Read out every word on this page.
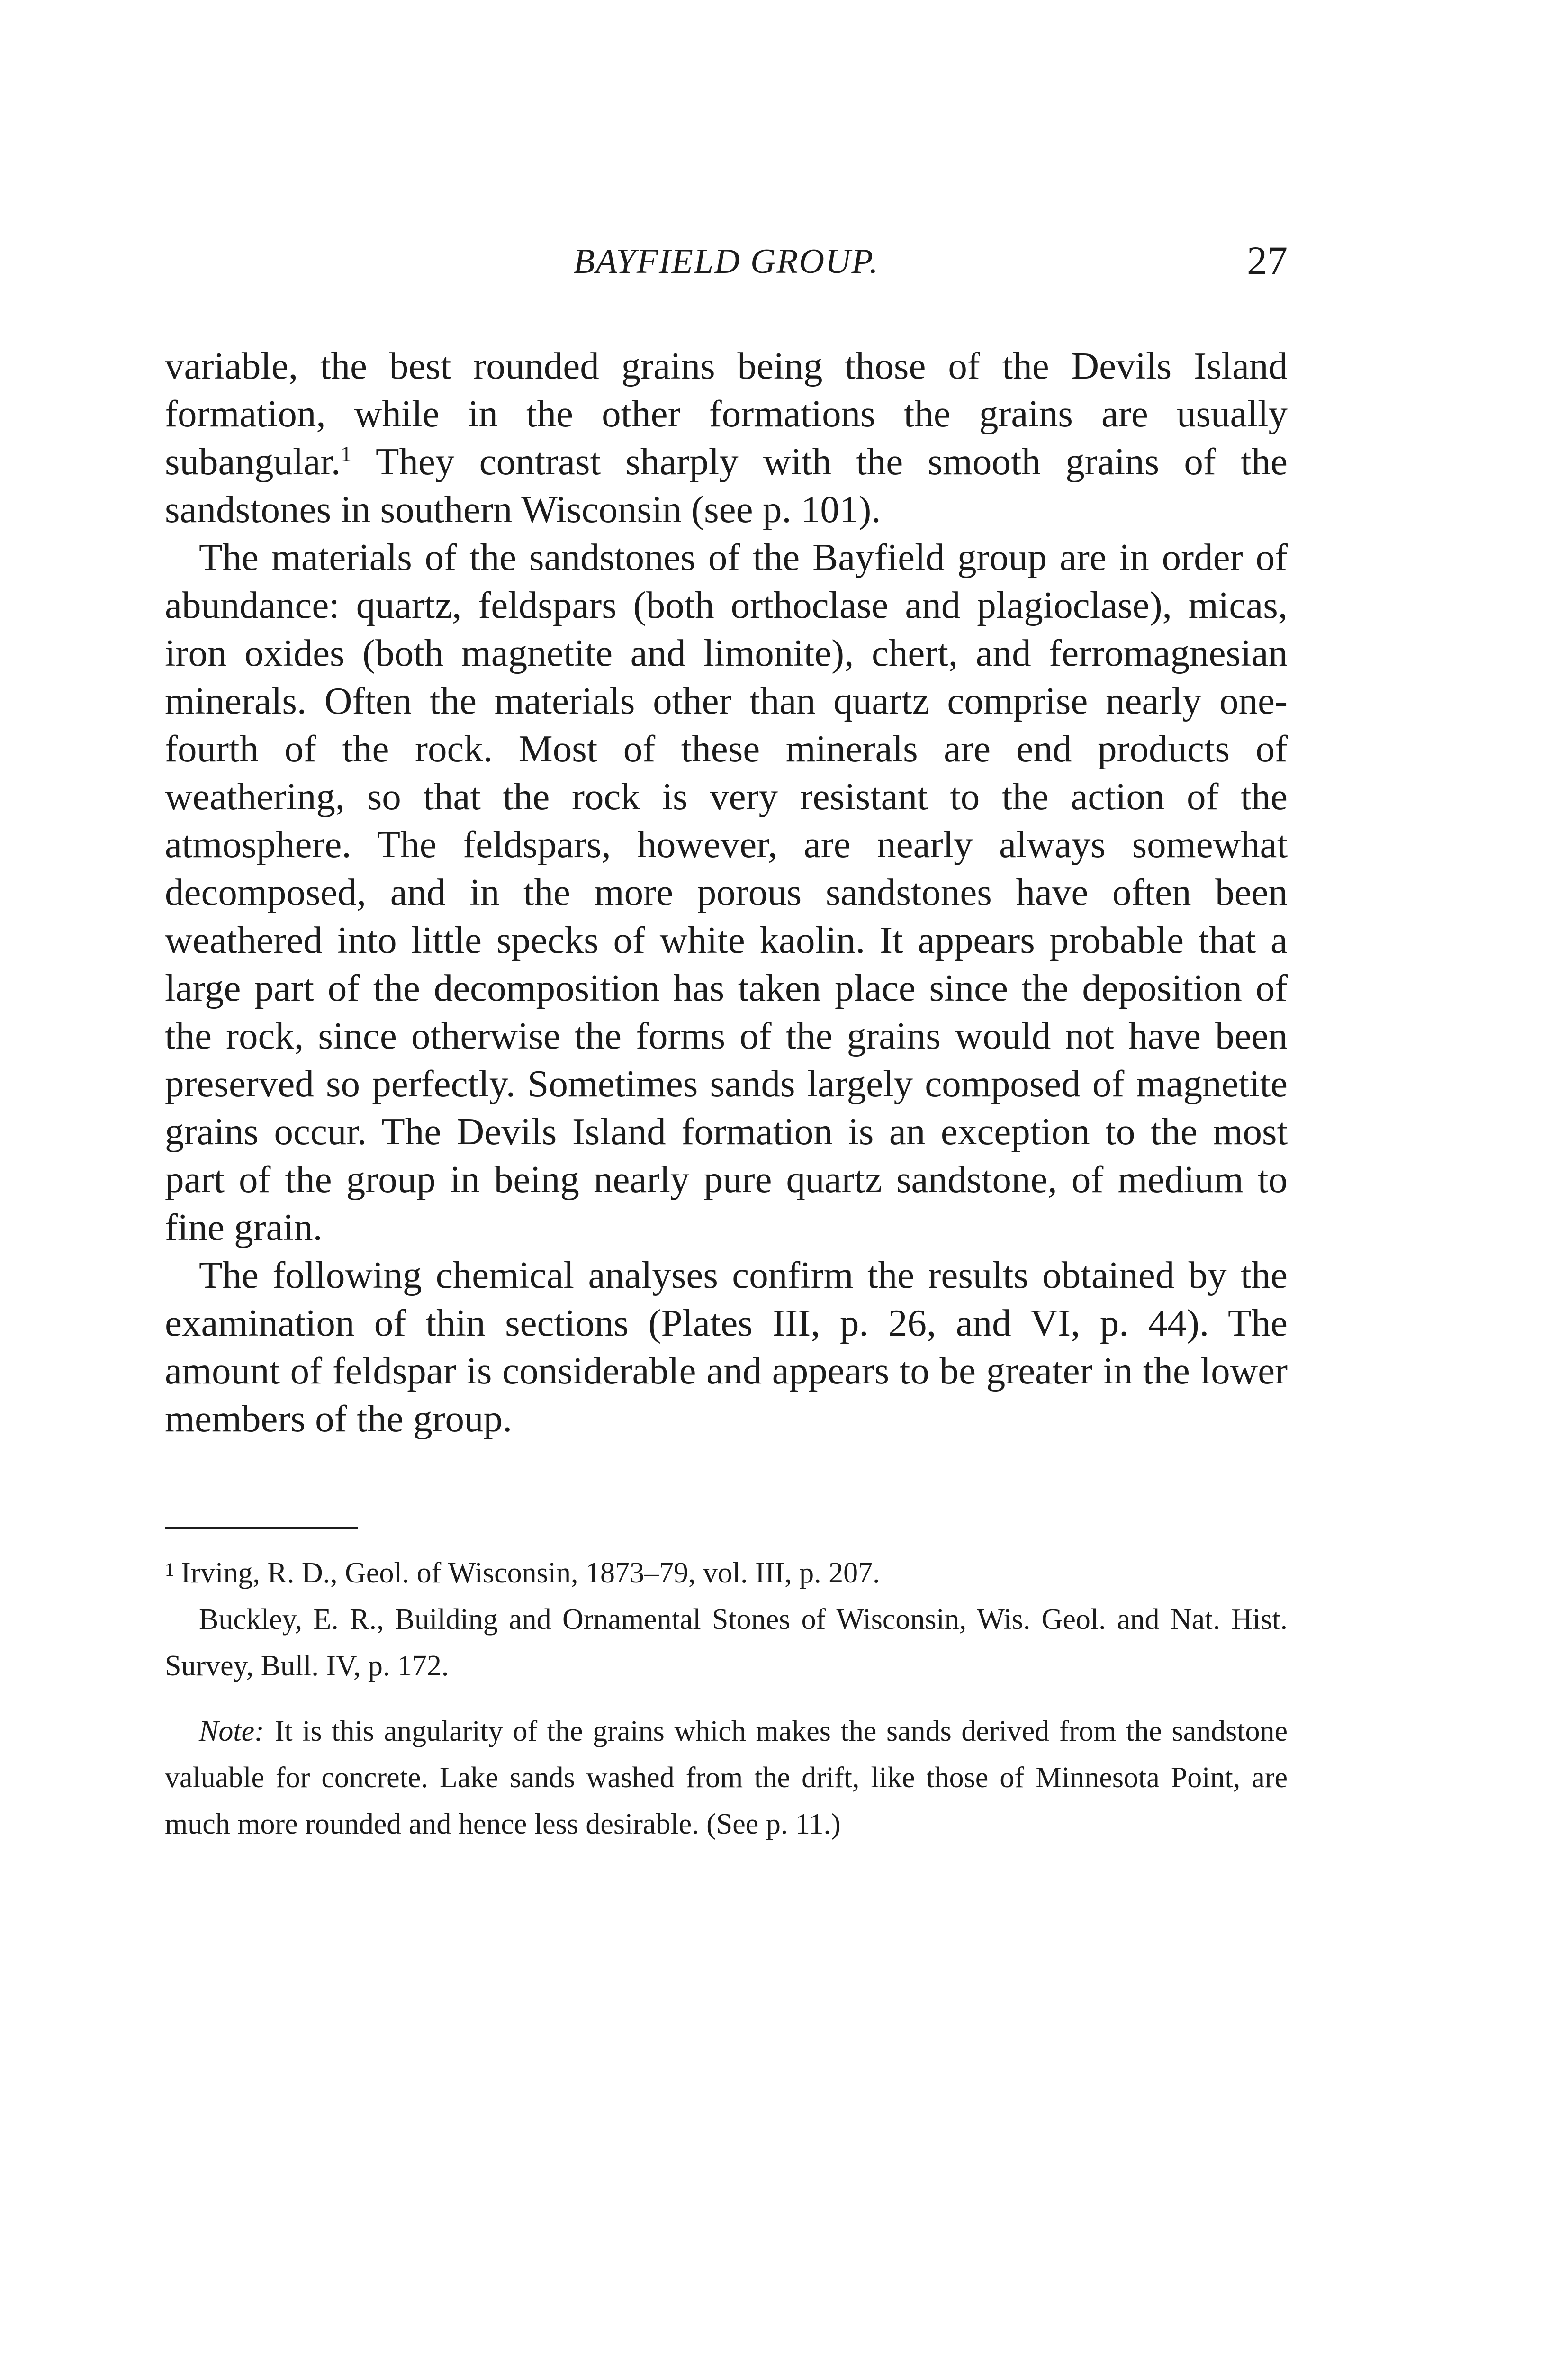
BAYFIELD GROUP.	27

variable, the best rounded grains being those of the Devils Island formation, while in the other formations the grains are usually subangular.$^1$ They contrast sharply with the smooth grains of the sandstones in southern Wisconsin (see p. 101).

The materials of the sandstones of the Bayfield group are in order of abundance: quartz, feldspars (both orthoclase and plagioclase), micas, iron oxides (both magnetite and limonite), chert, and ferromagnesian minerals. Often the materials other than quartz comprise nearly one-fourth of the rock. Most of these minerals are end products of weathering, so that the rock is very resistant to the action of the atmosphere. The feldspars, however, are nearly always somewhat decomposed, and in the more porous sandstones have often been weathered into little specks of white kaolin. It appears probable that a large part of the decomposition has taken place since the deposition of the rock, since otherwise the forms of the grains would not have been preserved so perfectly. Sometimes sands largely composed of magnetite grains occur. The Devils Island formation is an exception to the most part of the group in being nearly pure quartz sandstone, of medium to fine grain.

The following chemical analyses confirm the results obtained by the examination of thin sections (Plates III, p. 26, and VI, p. 44). The amount of feldspar is considerable and appears to be greater in the lower members of the group.

$^1$ Irving, R. D., Geol. of Wisconsin, 1873–79, vol. III, p. 207.

Buckley, E. R., Building and Ornamental Stones of Wisconsin, Wis. Geol. and Nat. Hist. Survey, Bull. IV, p. 172.

Note: It is this angularity of the grains which makes the sands derived from the sandstone valuable for concrete. Lake sands washed from the drift, like those of Minnesota Point, are much more rounded and hence less desirable. (See p. 11.)
